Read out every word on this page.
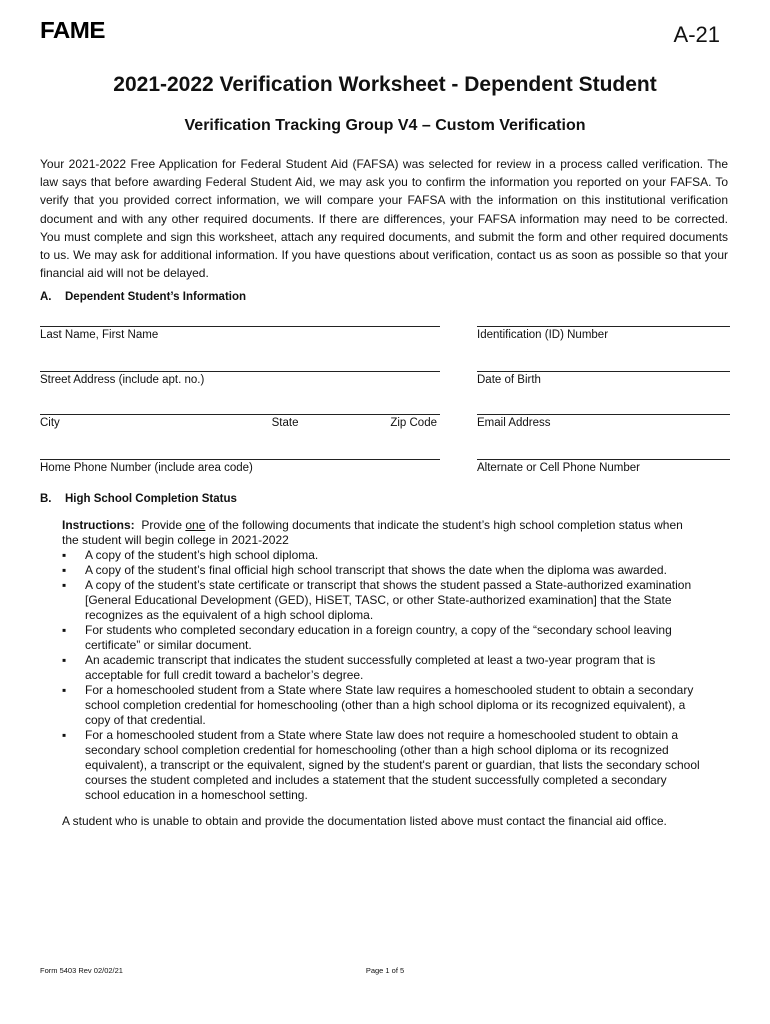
FAME	A-21
2021-2022 Verification Worksheet - Dependent Student
Verification Tracking Group V4 – Custom Verification
Your 2021-2022 Free Application for Federal Student Aid (FAFSA) was selected for review in a process called verification. The law says that before awarding Federal Student Aid, we may ask you to confirm the information you reported on your FAFSA. To verify that you provided correct information, we will compare your FAFSA with the information on this institutional verification document and with any other required documents. If there are differences, your FAFSA information may need to be corrected. You must complete and sign this worksheet, attach any required documents, and submit the form and other required documents to us. We may ask for additional information. If you have questions about verification, contact us as soon as possible so that your financial aid will not be delayed.
A. Dependent Student’s Information
Last Name, First Name	Identification (ID) Number
Street Address (include apt. no.)	Date of Birth
City	State	Zip Code	Email Address
Home Phone Number (include area code)	Alternate or Cell Phone Number
B. High School Completion Status
Instructions: Provide one of the following documents that indicate the student’s high school completion status when the student will begin college in 2021-2022
▪ A copy of the student’s high school diploma.
▪ A copy of the student’s final official high school transcript that shows the date when the diploma was awarded.
▪ A copy of the student’s state certificate or transcript that shows the student passed a State-authorized examination [General Educational Development (GED), HiSET, TASC, or other State-authorized examination] that the State recognizes as the equivalent of a high school diploma.
▪ For students who completed secondary education in a foreign country, a copy of the “secondary school leaving certificate” or similar document.
▪ An academic transcript that indicates the student successfully completed at least a two-year program that is acceptable for full credit toward a bachelor’s degree.
▪ For a homeschooled student from a State where State law requires a homeschooled student to obtain a secondary school completion credential for homeschooling (other than a high school diploma or its recognized equivalent), a copy of that credential.
▪ For a homeschooled student from a State where State law does not require a homeschooled student to obtain a secondary school completion credential for homeschooling (other than a high school diploma or its recognized equivalent), a transcript or the equivalent, signed by the student's parent or guardian, that lists the secondary school courses the student completed and includes a statement that the student successfully completed a secondary school education in a homeschool setting.
A student who is unable to obtain and provide the documentation listed above must contact the financial aid office.
Form 5403 Rev 02/02/21	Page 1 of 5
